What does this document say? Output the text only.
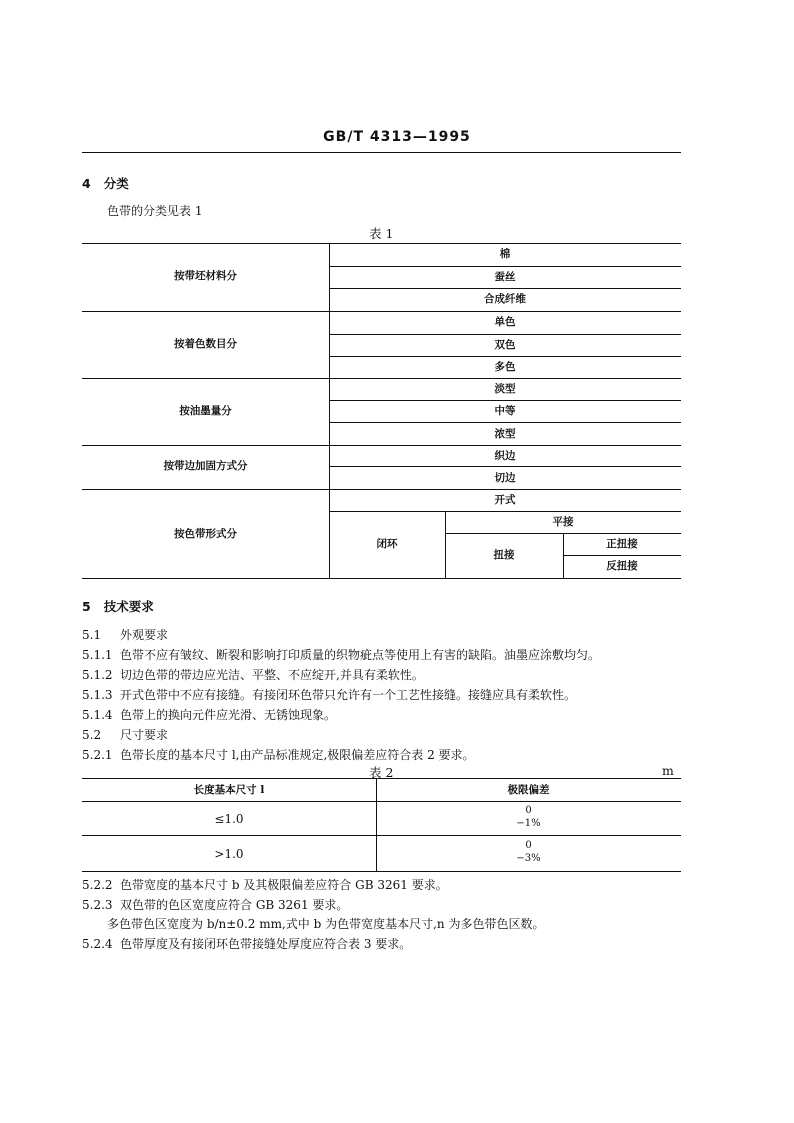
GB/T 4313—1995
4 分类
色带的分类见表 1
表 1
按带坯材料分
按着色数目分
按油墨量分
按带边加固方式分
按色带形式分
棉
蚕丝
合成纤维
单色
双色
多色
淡型
中等
浓型
织边
切边
开式
闭环
平接
扭接
正扭接
反扭接
5 技术要求
5.1 外观要求
5.1.1 色带不应有皱纹、断裂和影响打印质量的织物疵点等使用上有害的缺陷。油墨应涂敷均匀。
5.1.2 切边色带的带边应光洁、平整、不应绽开,并具有柔软性。
5.1.3 开式色带中不应有接缝。有接闭环色带只允许有一个工艺性接缝。接缝应具有柔软性。
5.1.4 色带上的换向元件应光滑、无锈蚀现象。
5.2 尺寸要求
5.2.1 色带长度的基本尺寸 l,由产品标准规定,极限偏差应符合表 2 要求。
表 2	m
长度基本尺寸 l	极限偏差
≤1.0
0
−1%
>1.0
0
−3%
5.2.2 色带宽度的基本尺寸 b 及其极限偏差应符合 GB 3261 要求。
5.2.3 双色带的色区宽度应符合 GB 3261 要求。
多色带色区宽度为 b/n±0.2 mm,式中 b 为色带宽度基本尺寸,n 为多色带色区数。
5.2.4 色带厚度及有接闭环色带接缝处厚度应符合表 3 要求。
